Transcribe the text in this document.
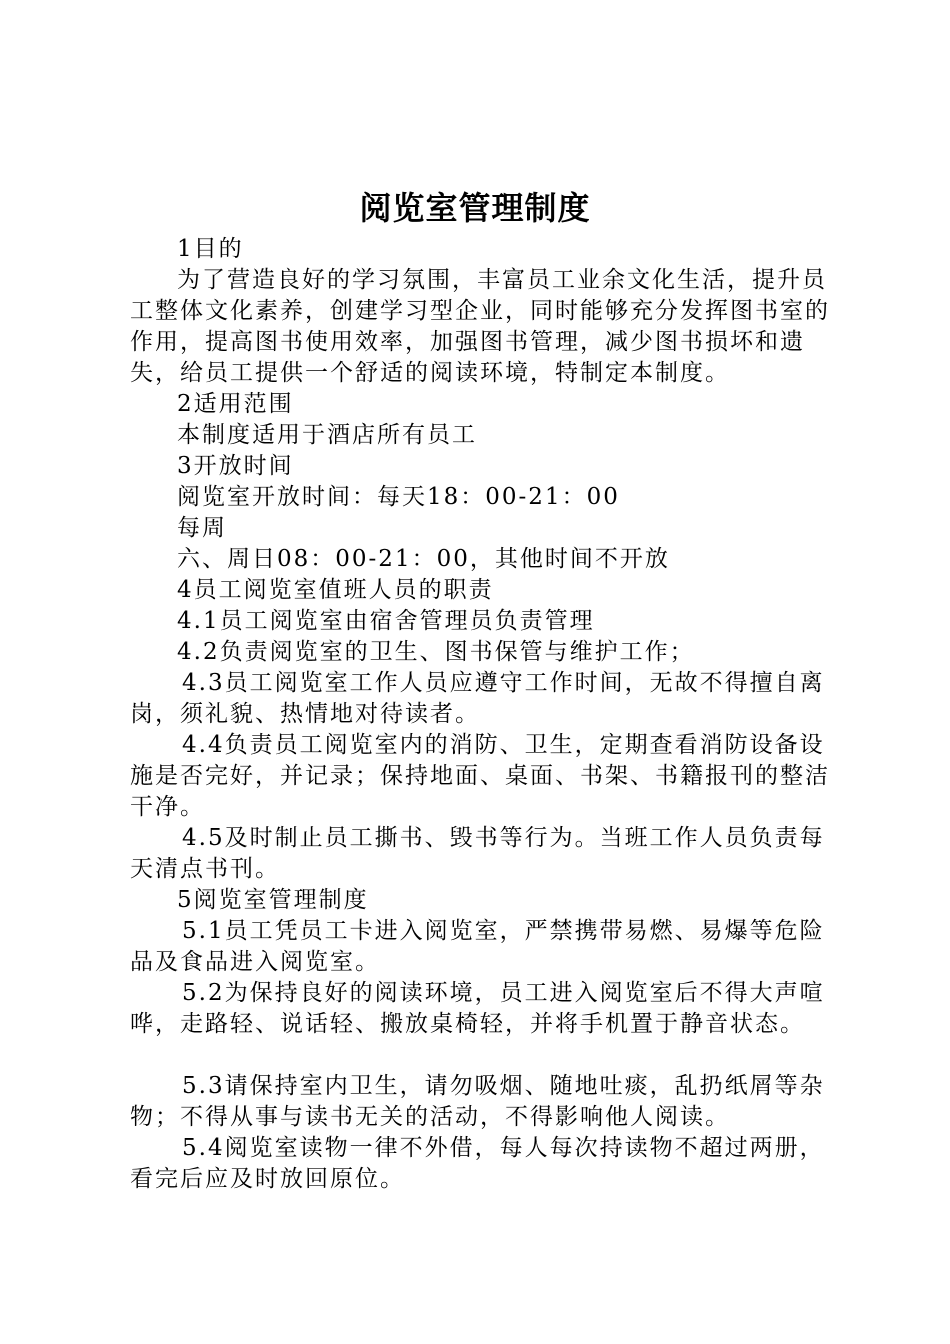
阅览室管理制度

1目的

为了营造良好的学习氛围，丰富员工业余文化生活，提升员工整体文化素养，创建学习型企业，同时能够充分发挥图书室的作用，提高图书使用效率，加强图书管理，减少图书损坏和遗失，给员工提供一个舒适的阅读环境，特制定本制度。

2适用范围

本制度适用于酒店所有员工

3开放时间

阅览室开放时间：每天18：00-21：00

每周

六、周日08：00-21：00，其他时间不开放

4员工阅览室值班人员的职责

4.1员工阅览室由宿舍管理员负责管理

4.2负责阅览室的卫生、图书保管与维护工作；

4.3员工阅览室工作人员应遵守工作时间，无故不得擅自离岗，须礼貌、热情地对待读者。

4.4负责员工阅览室内的消防、卫生，定期查看消防设备设施是否完好，并记录；保持地面、桌面、书架、书籍报刊的整洁干净。

4.5及时制止员工撕书、毁书等行为。当班工作人员负责每天清点书刊。

5阅览室管理制度

5.1员工凭员工卡进入阅览室，严禁携带易燃、易爆等危险品及食品进入阅览室。

5.2为保持良好的阅读环境，员工进入阅览室后不得大声喧哗，走路轻、说话轻、搬放桌椅轻，并将手机置于静音状态。

5.3请保持室内卫生，请勿吸烟、随地吐痰，乱扔纸屑等杂物；不得从事与读书无关的活动，不得影响他人阅读。

5.4阅览室读物一律不外借，每人每次持读物不超过两册，看完后应及时放回原位。
